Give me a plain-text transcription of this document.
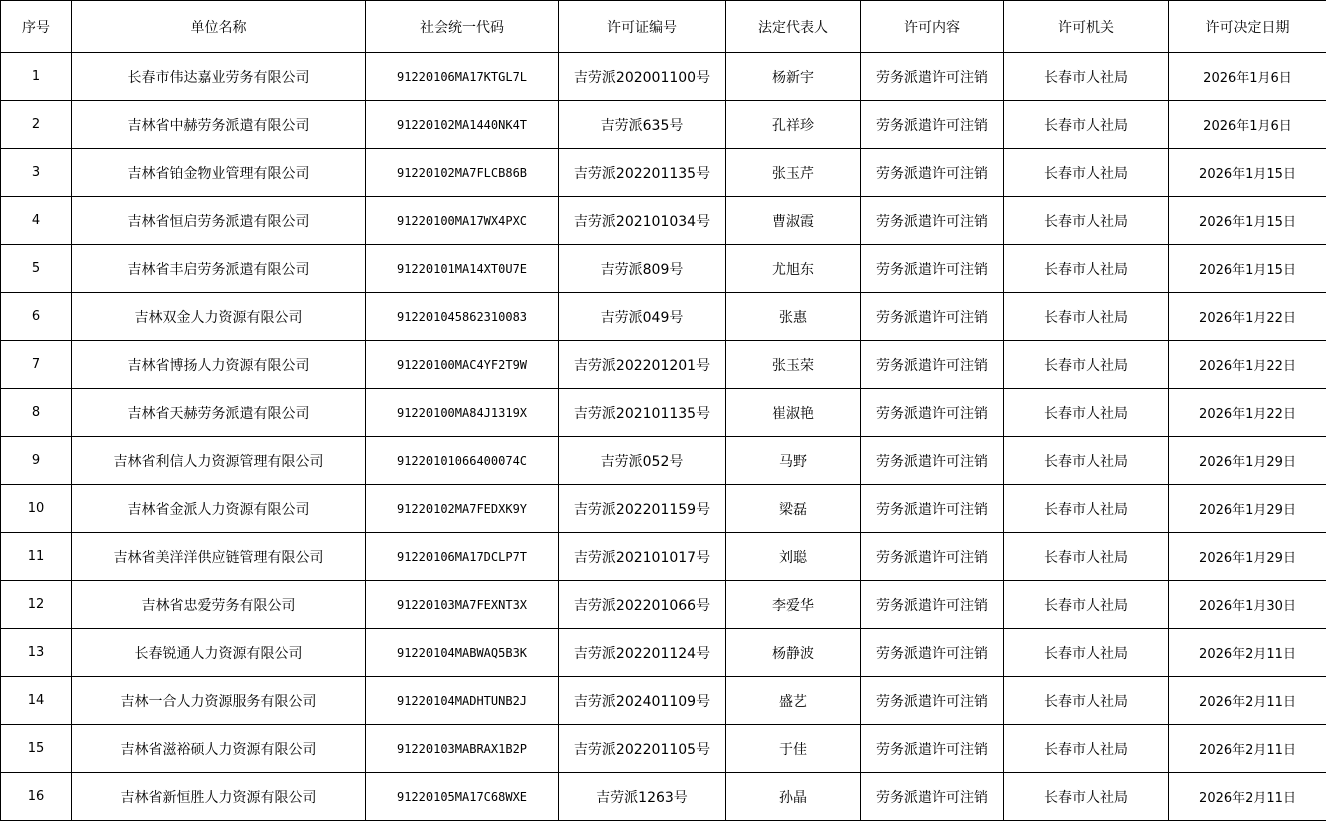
序号	单位名称	社会统一代码	许可证编号	法定代表人	许可内容	许可机关	许可决定日期
1	长春市伟达嘉业劳务有限公司	91220106MA17KTGL7L	吉劳派202001100号	杨新宇	劳务派遣许可注销	长春市人社局	2026年1月6日
2	吉林省中赫劳务派遣有限公司	91220102MA1440NK4T	吉劳派635号	孔祥珍	劳务派遣许可注销	长春市人社局	2026年1月6日
3	吉林省铂金物业管理有限公司	91220102MA7FLCB86B	吉劳派202201135号	张玉芹	劳务派遣许可注销	长春市人社局	2026年1月15日
4	吉林省恒启劳务派遣有限公司	91220100MA17WX4PXC	吉劳派202101034号	曹淑霞	劳务派遣许可注销	长春市人社局	2026年1月15日
5	吉林省丰启劳务派遣有限公司	91220101MA14XT0U7E	吉劳派809号	尤旭东	劳务派遣许可注销	长春市人社局	2026年1月15日
6	吉林双金人力资源有限公司	912201045862310083	吉劳派049号	张惠	劳务派遣许可注销	长春市人社局	2026年1月22日
7	吉林省博扬人力资源有限公司	91220100MAC4YF2T9W	吉劳派202201201号	张玉荣	劳务派遣许可注销	长春市人社局	2026年1月22日
8	吉林省天赫劳务派遣有限公司	91220100MA84J1319X	吉劳派202101135号	崔淑艳	劳务派遣许可注销	长春市人社局	2026年1月22日
9	吉林省利信人力资源管理有限公司	91220101066400074C	吉劳派052号	马野	劳务派遣许可注销	长春市人社局	2026年1月29日
10	吉林省金派人力资源有限公司	91220102MA7FEDXK9Y	吉劳派202201159号	梁磊	劳务派遣许可注销	长春市人社局	2026年1月29日
11	吉林省美洋洋供应链管理有限公司	91220106MA17DCLP7T	吉劳派202101017号	刘聪	劳务派遣许可注销	长春市人社局	2026年1月29日
12	吉林省忠爱劳务有限公司	91220103MA7FEXNT3X	吉劳派202201066号	李爱华	劳务派遣许可注销	长春市人社局	2026年1月30日
13	长春锐通人力资源有限公司	91220104MABWAQ5B3K	吉劳派202201124号	杨静波	劳务派遣许可注销	长春市人社局	2026年2月11日
14	吉林一合人力资源服务有限公司	91220104MADHTUNB2J	吉劳派202401109号	盛艺	劳务派遣许可注销	长春市人社局	2026年2月11日
15	吉林省滋裕硕人力资源有限公司	91220103MABRAX1B2P	吉劳派202201105号	于佳	劳务派遣许可注销	长春市人社局	2026年2月11日
16	吉林省新恒胜人力资源有限公司	91220105MA17C68WXE	吉劳派1263号	孙晶	劳务派遣许可注销	长春市人社局	2026年2月11日
